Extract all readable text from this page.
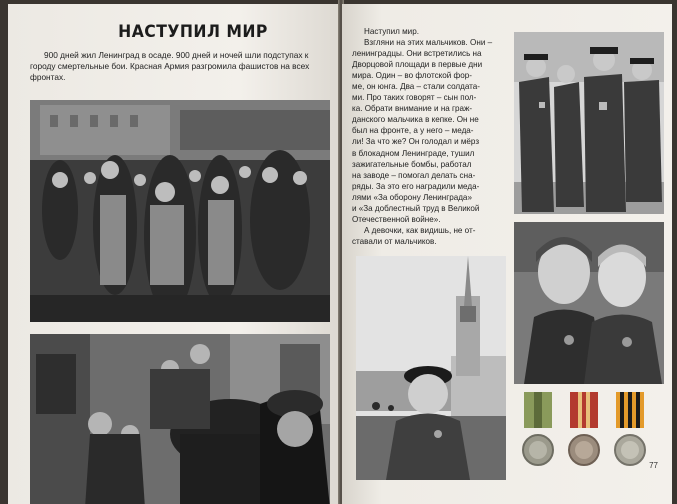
НАСТУПИЛ МИР
900 дней жил Ленинград в осаде. 900 дней и ночей шли подступах к городу смертельные бои. Красная Армия разгромила фашистов на всех фронтах.

Наступил мир.

Взгляни на этих мальчиков. Они –

ленинградцы. Они встретились на

Дворцовой площади в первые дни

мира. Один – во флотской фор-

ме, он юнга. Два – стали солдата-

ми. Про таких говорят – сын пол-

ка. Обрати внимание и на граж-

данского мальчика в кепке. Он не

был на фронте, а у него – меда-

ли! За что же? Он голодал и мёрз

в блокадном Ленинграде, тушил

зажигательные бомбы, работал

на заводе – помогал делать сна-

ряды. За это его наградили меда-

лями «За оборону Ленинграда»

и «За доблестный труд в Великой

Отечественной войне».

А девочки, как видишь, не от-

ставали от мальчиков.

77
